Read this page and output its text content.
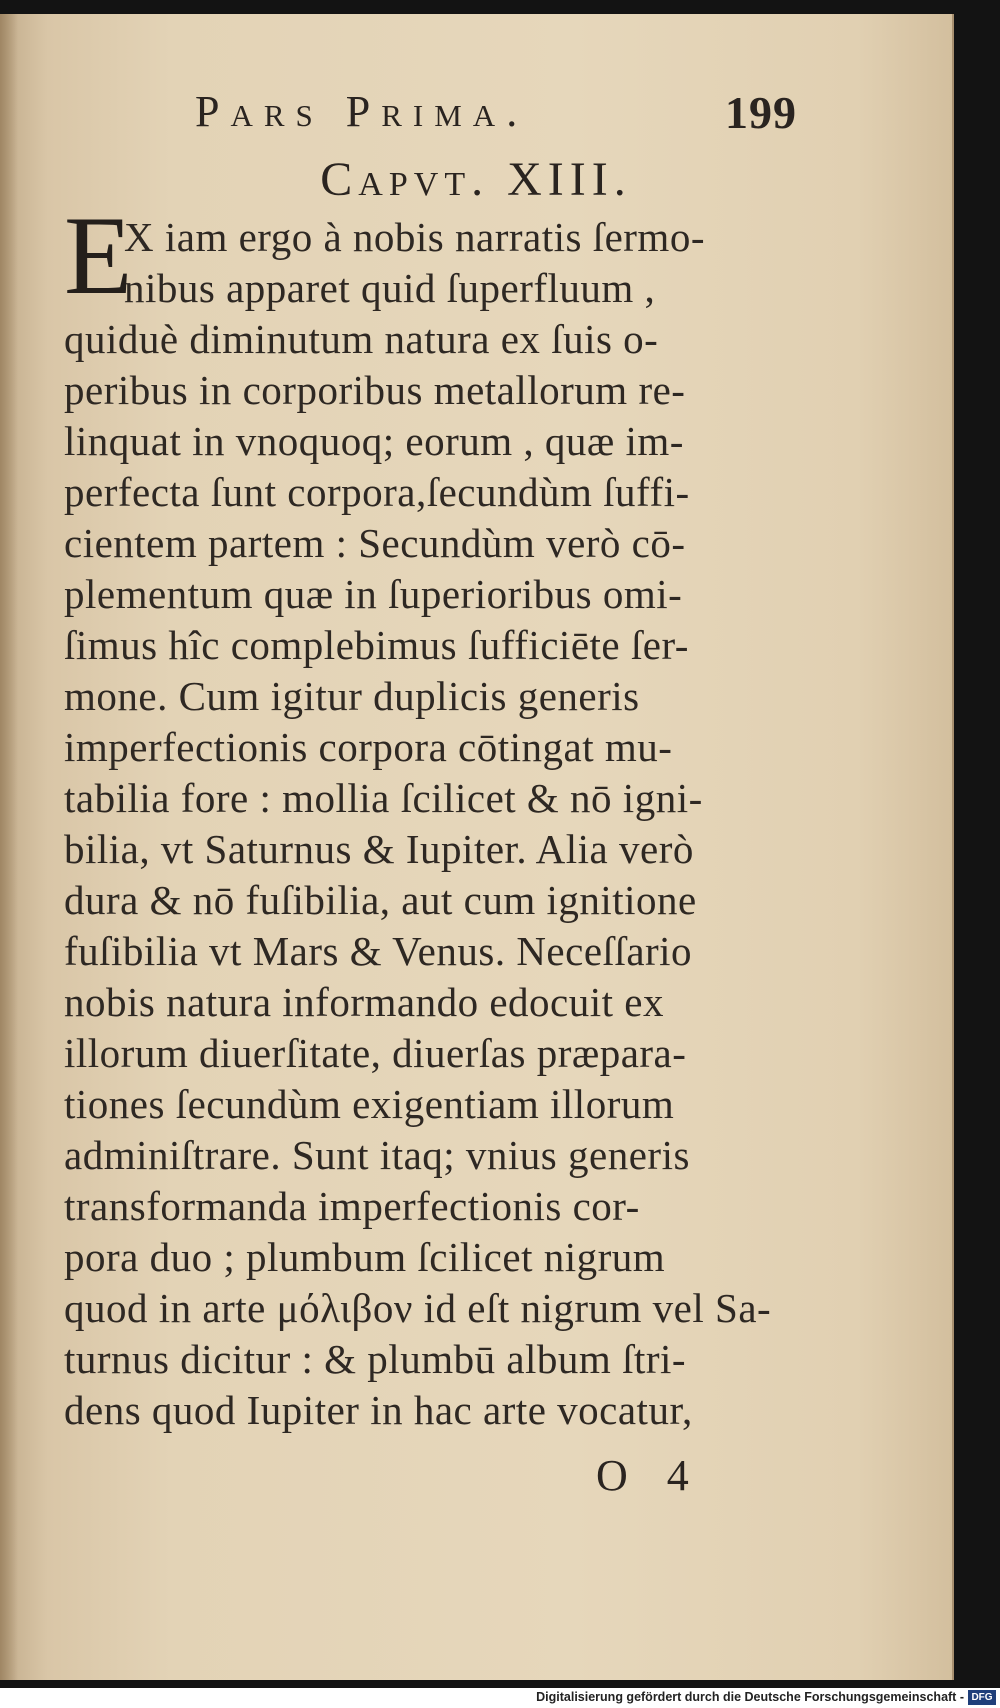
Pars Prima.	199
Capvt. XIII.
E
X iam ergo à nobis narratis ſermo-
nibus apparet quid ſuperfluum ,
quiduè diminutum natura ex ſuis o-
peribus in corporibus metallorum re-
linquat in vnoquoq; eorum , quæ im-
perfecta ſunt corpora,ſecundùm ſuffi-
cientem partem : Secundùm verò cō-
plementum quæ in ſuperioribus omi-
ſimus hîc complebimus ſufficiēte ſer-
mone. Cum igitur duplicis generis
imperfectionis corpora cōtingat mu-
tabilia fore : mollia ſcilicet & nō igni-
bilia, vt Saturnus & Iupiter. Alia verò
dura & nō fuſibilia, aut cum ignitione
fuſibilia vt Mars & Venus. Neceſſario
nobis natura informando edocuit ex
illorum diuerſitate, diuerſas præpara-
tiones ſecundùm exigentiam illorum
adminiſtrare. Sunt itaq; vnius generis
transformanda imperfectionis cor-
pora duo ; plumbum ſcilicet nigrum
quod in arte μόλιβον id eſt nigrum vel Sa-
turnus dicitur : & plumbū album ſtri-
dens quod Iupiter in hac arte vocatur,
O 4
Digitalisierung gefördert durch die Deutsche Forschungsgemeinschaft - DFG
